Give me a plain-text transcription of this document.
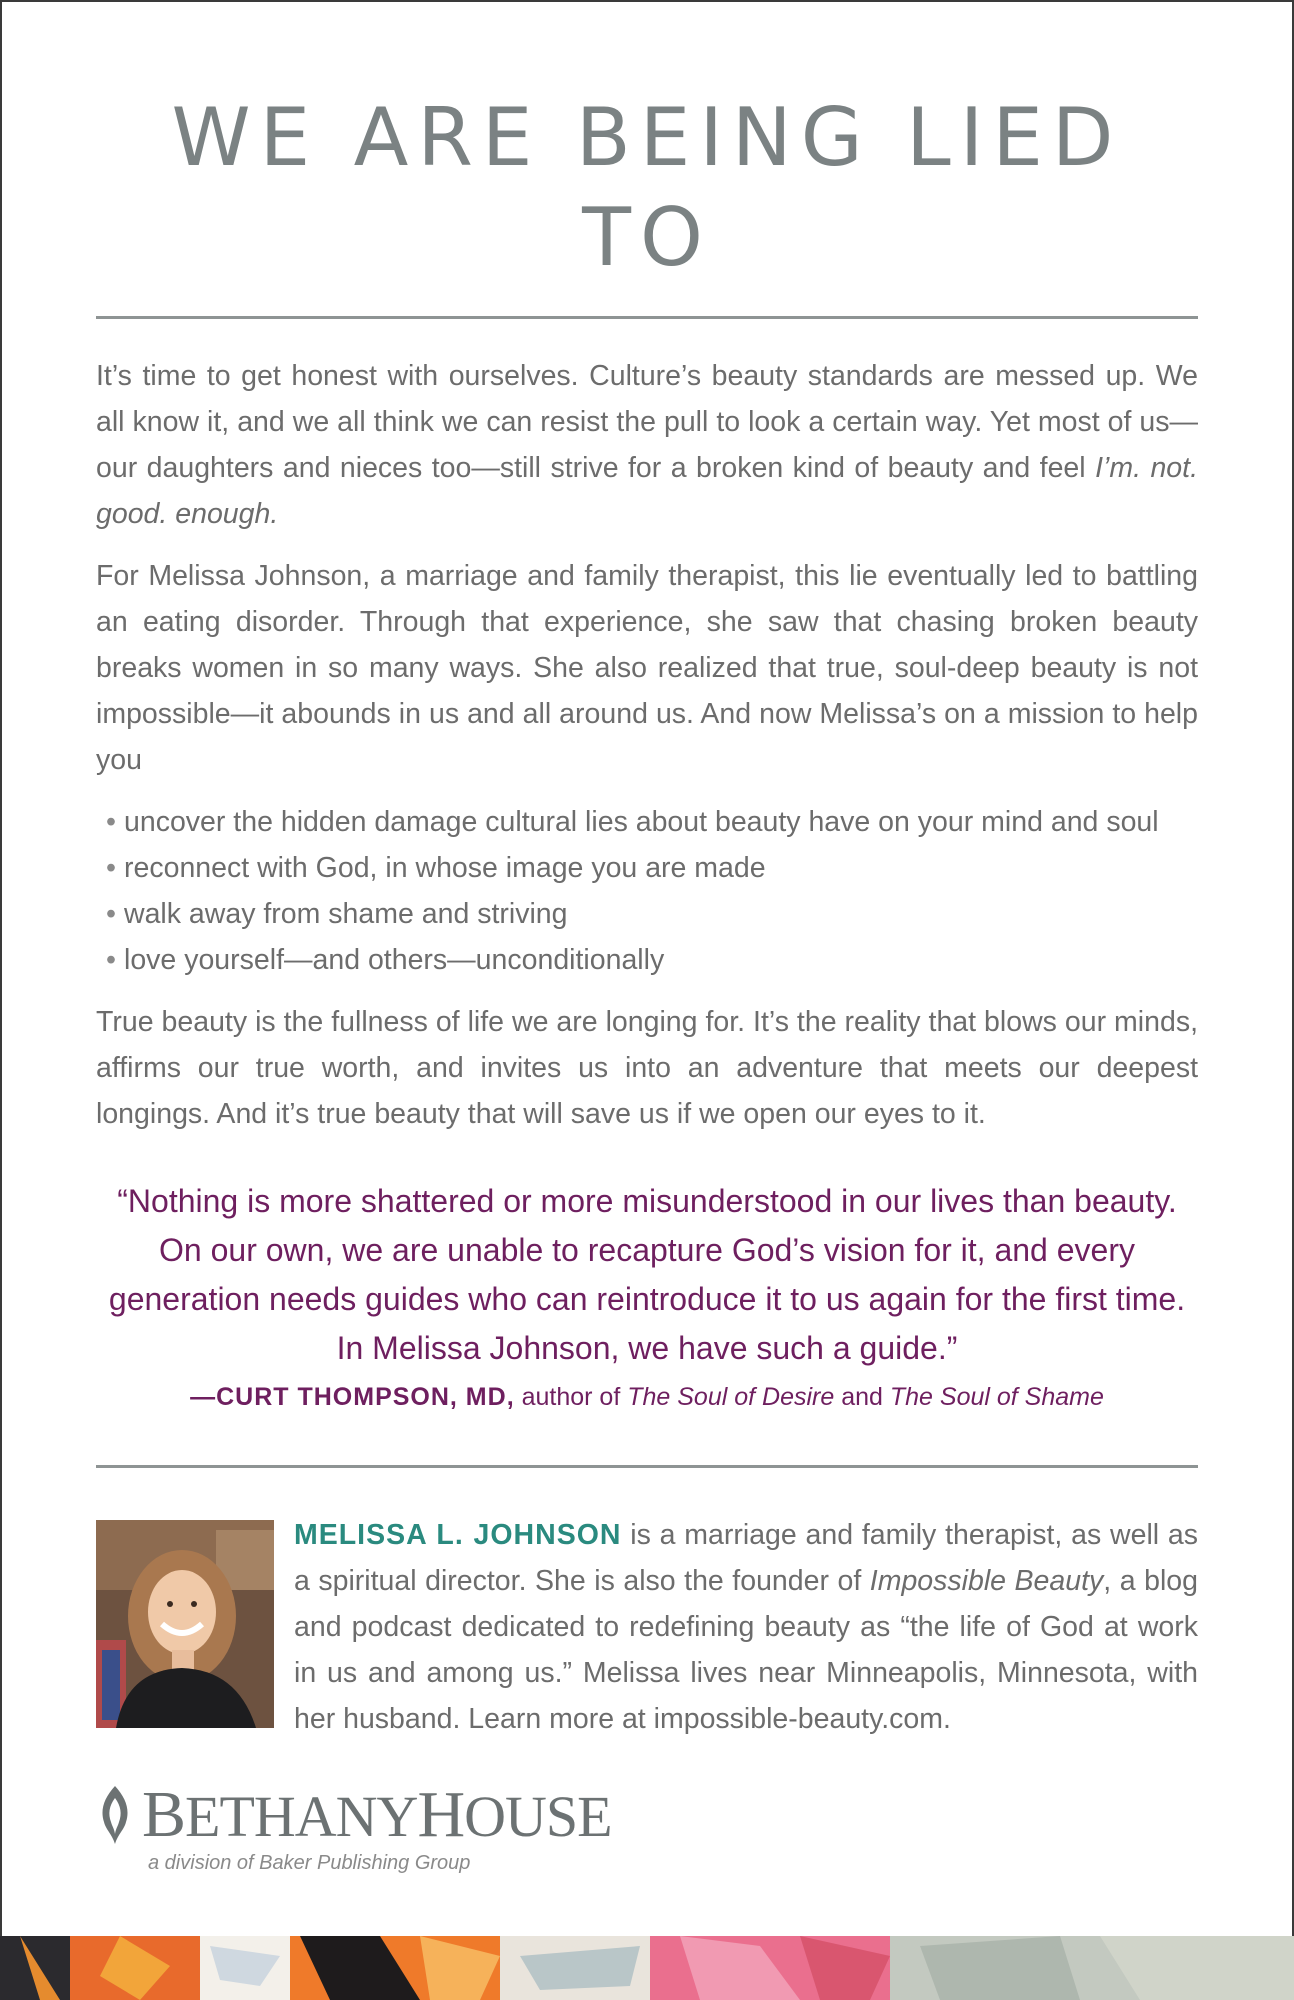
WE ARE BEING LIED TO

It’s time to get honest with ourselves. Culture’s beauty standards are messed up. We all know it, and we all think we can resist the pull to look a certain way. Yet most of us—our daughters and nieces too—still strive for a broken kind of beauty and feel I’m. not. good. enough.

For Melissa Johnson, a marriage and family therapist, this lie eventually led to battling an eating disorder. Through that experience, she saw that chasing broken beauty breaks women in so many ways. She also realized that true, soul-deep beauty is not impossible—it abounds in us and all around us. And now Melissa’s on a mission to help you

• uncover the hidden damage cultural lies about beauty have on your mind and soul
• reconnect with God, in whose image you are made
• walk away from shame and striving
• love yourself—and others—unconditionally

True beauty is the fullness of life we are longing for. It’s the reality that blows our minds, affirms our true worth, and invites us into an adventure that meets our deepest longings. And it’s true beauty that will save us if we open our eyes to it.

“Nothing is more shattered or more misunderstood in our lives than beauty. On our own, we are unable to recapture God’s vision for it, and every generation needs guides who can reintroduce it to us again for the first time. In Melissa Johnson, we have such a guide.”

—CURT THOMPSON, MD, author of The Soul of Desire and The Soul of Shame

MELISSA L. JOHNSON is a marriage and family therapist, as well as a spiritual director. She is also the founder of Impossible Beauty, a blog and podcast dedicated to redefining beauty as “the life of God at work in us and among us.” Melissa lives near Minneapolis, Minnesota, with her husband. Learn more at impossible-beauty.com.

BETHANYHOUSE
a division of Baker Publishing Group
